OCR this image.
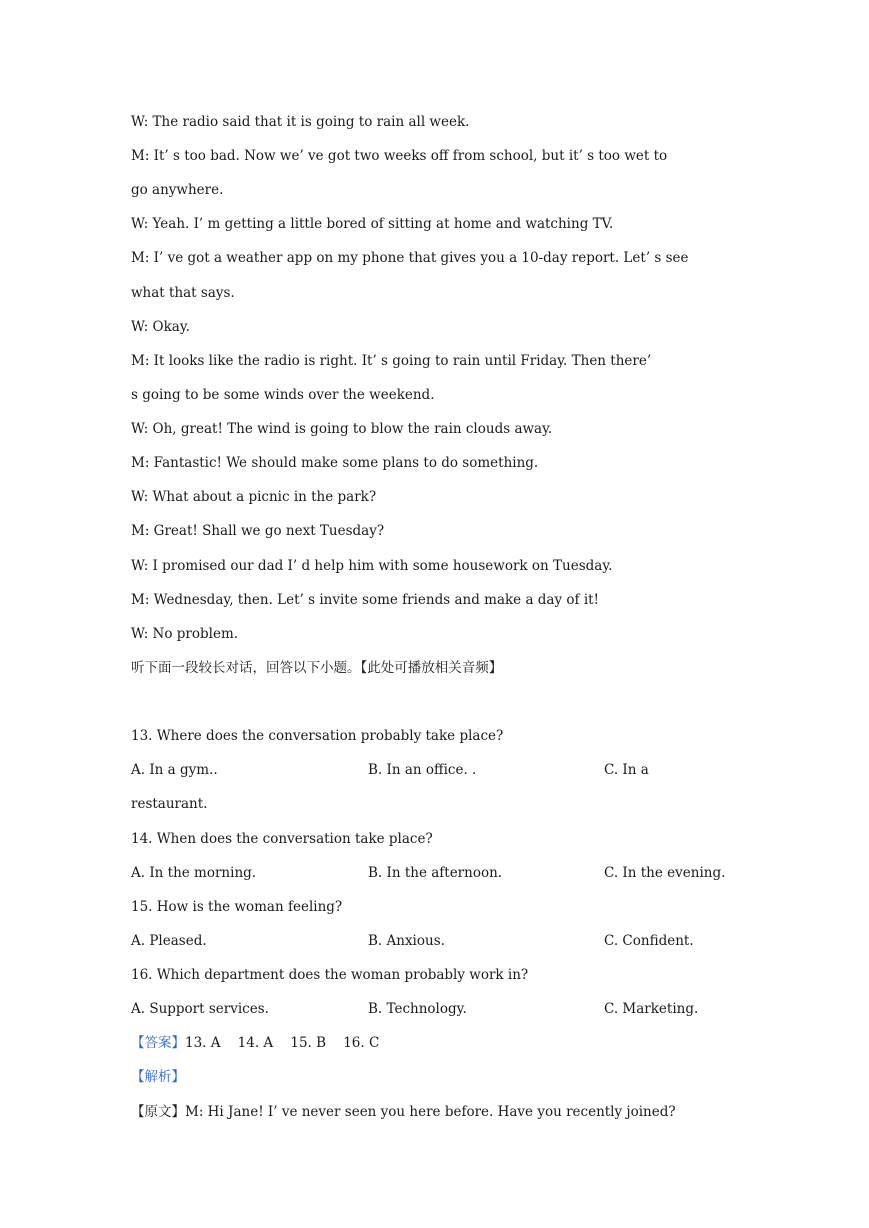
W: The radio said that it is going to rain all week.
M: It’ s too bad. Now we’ ve got two weeks off from school, but it’ s too wet to
go anywhere.
W: Yeah. I’ m getting a little bored of sitting at home and watching TV.
M: I’ ve got a weather app on my phone that gives you a 10-day report. Let’ s see
what that says.
W: Okay.
M: It looks like the radio is right. It’ s going to rain until Friday. Then there’
s going to be some winds over the weekend.
W: Oh, great! The wind is going to blow the rain clouds away.
M: Fantastic! We should make some plans to do something.
W: What about a picnic in the park?
M: Great! Shall we go next Tuesday?
W: I promised our dad I’ d help him with some housework on Tuesday.
M: Wednesday, then. Let’ s invite some friends and make a day of it!
W: No problem.
听下面一段较长对话，回答以下小题。【此处可播放相关音频】
13. Where does the conversation probably take place?
A. In a gym..	B. In an office. .	C. In a
restaurant.
14. When does the conversation take place?
A. In the morning.	B. In the afternoon.	C. In the evening.
15. How is the woman feeling?
A. Pleased.	B. Anxious.	C. Confident.
16. Which department does the woman probably work in?
A. Support services.	B. Technology.	C. Marketing.
【答案】13. A    14. A    15. B    16. C
【解析】
【原文】M: Hi Jane! I’ ve never seen you here before. Have you recently joined?
